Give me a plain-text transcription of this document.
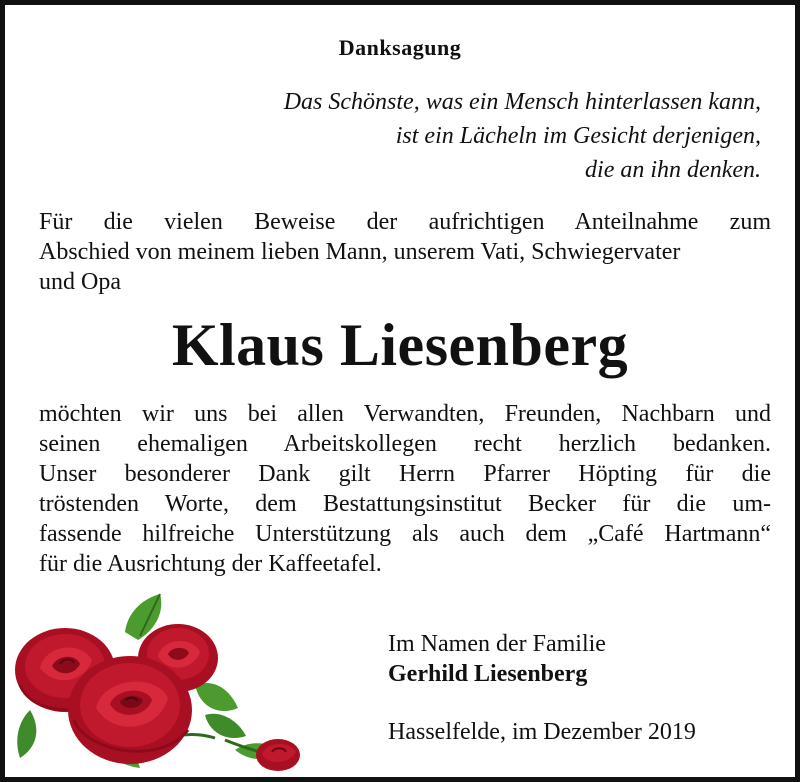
Danksagung
Das Schönste, was ein Mensch hinterlassen kann,
ist ein Lächeln im Gesicht derjenigen,
die an ihn denken.
Für die vielen Beweise der aufrichtigen Anteilnahme zum
Abschied von meinem lieben Mann, unserem Vati, Schwiegervater
und Opa
Klaus Liesenberg
möchten wir uns bei allen Verwandten, Freunden, Nachbarn und
seinen ehemaligen Arbeitskollegen recht herzlich bedanken.
Unser besonderer Dank gilt Herrn Pfarrer Höpting für die
tröstenden Worte, dem Bestattungsinstitut Becker für die um-
fassende hilfreiche Unterstützung als auch dem „Café Hartmann“
für die Ausrichtung der Kaffeetafel.
Im Namen der Familie
Gerhild Liesenberg
Hasselfelde, im Dezember 2019
